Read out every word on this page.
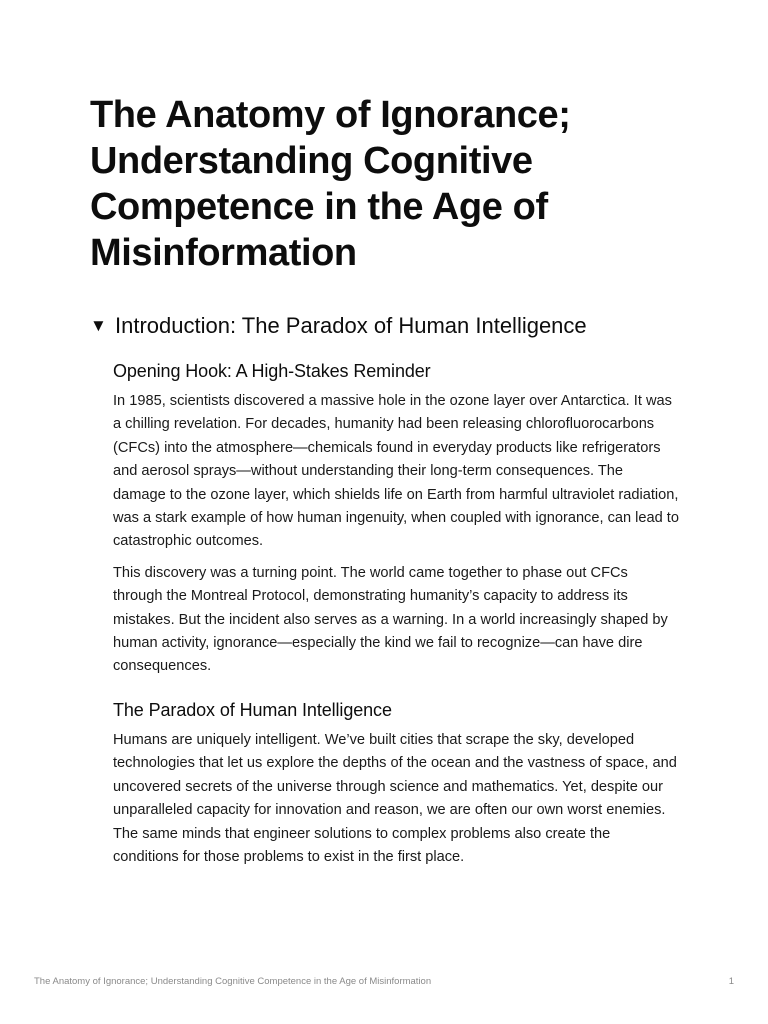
The Anatomy of Ignorance; Understanding Cognitive Competence in the Age of Misinformation
▼ Introduction: The Paradox of Human Intelligence
Opening Hook: A High-Stakes Reminder

In 1985, scientists discovered a massive hole in the ozone layer over Antarctica. It was a chilling revelation. For decades, humanity had been releasing chlorofluorocarbons (CFCs) into the atmosphere—chemicals found in everyday products like refrigerators and aerosol sprays—without understanding their long-term consequences. The damage to the ozone layer, which shields life on Earth from harmful ultraviolet radiation, was a stark example of how human ingenuity, when coupled with ignorance, can lead to catastrophic outcomes.

This discovery was a turning point. The world came together to phase out CFCs through the Montreal Protocol, demonstrating humanity’s capacity to address its mistakes. But the incident also serves as a warning. In a world increasingly shaped by human activity, ignorance—especially the kind we fail to recognize—can have dire consequences.

The Paradox of Human Intelligence

Humans are uniquely intelligent. We’ve built cities that scrape the sky, developed technologies that let us explore the depths of the ocean and the vastness of space, and uncovered secrets of the universe through science and mathematics. Yet, despite our unparalleled capacity for innovation and reason, we are often our own worst enemies. The same minds that engineer solutions to complex problems also create the conditions for those problems to exist in the first place.

The Anatomy of Ignorance; Understanding Cognitive Competence in the Age of Misinformation	1
